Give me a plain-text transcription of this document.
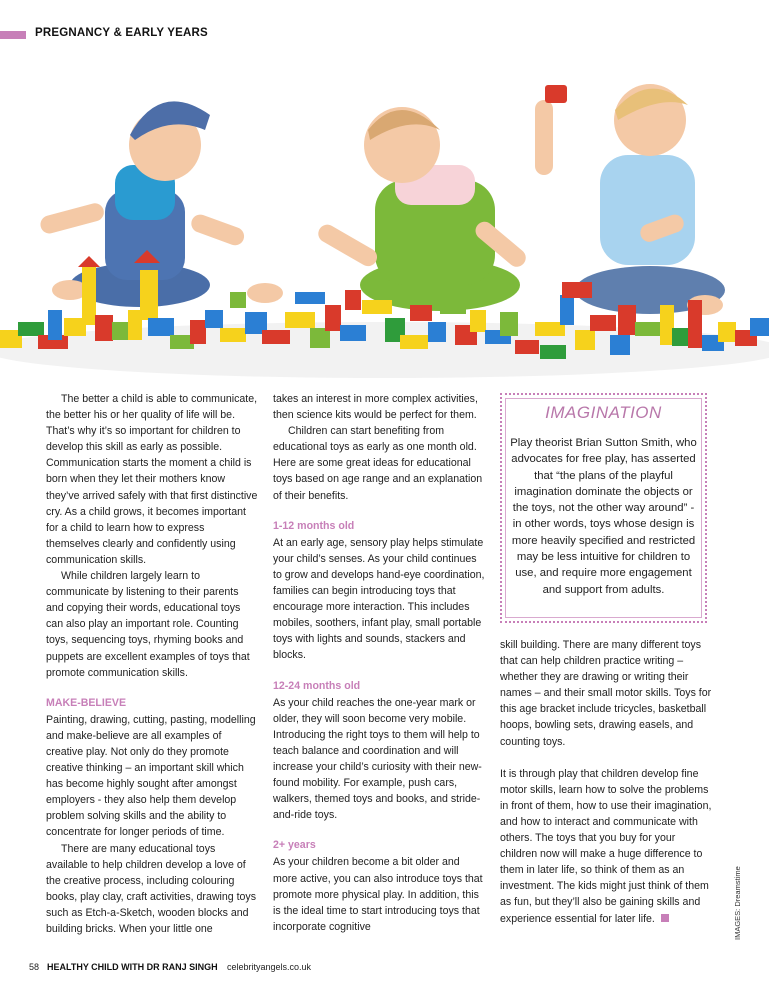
PREGNANCY & EARLY YEARS

The better a child is able to communicate, the better his or her quality of life will be. That’s why it’s so important for children to develop this skill as early as possible. Communication starts the moment a child is born when they let their mothers know they’ve arrived safely with that first distinctive cry. As a child grows, it becomes important for a child to learn how to express themselves clearly and confidently using communication skills.

While children largely learn to communicate by listening to their parents and copying their words, educational toys can also play an important role. Counting toys, sequencing toys, rhyming books and puppets are excellent examples of toys that promote communication skills.

MAKE-BELIEVE

Painting, drawing, cutting, pasting, modelling and make-believe are all examples of creative play. Not only do they promote creative thinking – an important skill which has become highly sought after amongst employers - they also help them develop problem solving skills and the ability to concentrate for longer periods of time.

There are many educational toys available to help children develop a love of the creative process, including colouring books, play clay, craft activities, drawing toys such as Etch-a-Sketch, wooden blocks and building bricks. When your little one

takes an interest in more complex activities, then science kits would be perfect for them.

Children can start benefiting from educational toys as early as one month old. Here are some great ideas for educational toys based on age range and an explanation of their benefits.

1-12 months old

At an early age, sensory play helps stimulate your child’s senses. As your child continues to grow and develops hand-eye coordination, families can begin introducing toys that encourage more interaction. This includes mobiles, soothers, infant play, small portable toys with lights and sounds, stackers and blocks.

12-24 months old

As your child reaches the one-year mark or older, they will soon become very mobile. Introducing the right toys to them will help to teach balance and coordination and will increase your child’s curiosity with their new-found mobility. For example, push cars, walkers, themed toys and books, and stride-and-ride toys.

2+ years

As your children become a bit older and more active, you can also introduce toys that promote more physical play. In addition, this is the ideal time to start introducing toys that incorporate cognitive

IMAGINATION
Play theorist Brian Sutton Smith, who advocates for free play, has asserted that “the plans of the playful imagination dominate the objects or the toys, not the other way around” - in other words, toys whose design is more heavily specified and restricted may be less intuitive for children to use, and require more engagement and support from adults.

skill building. There are many different toys that can help children practice writing – whether they are drawing or writing their names – and their small motor skills. Toys for this age bracket include tricycles, basketball hoops, bowling sets, drawing easels, and counting toys.

It is through play that children develop fine motor skills, learn how to solve the problems in front of them, how to use their imagination, and how to interact and communicate with others. The toys that you buy for your children now will make a huge difference to them in later life, so think of them as an investment. The kids might just think of them as fun, but they’ll also be gaining skills and experience essential for later life.

58 HEALTHY CHILD WITH DR RANJ SINGH celebrityangels.co.uk
IMAGES: Dreamstime
